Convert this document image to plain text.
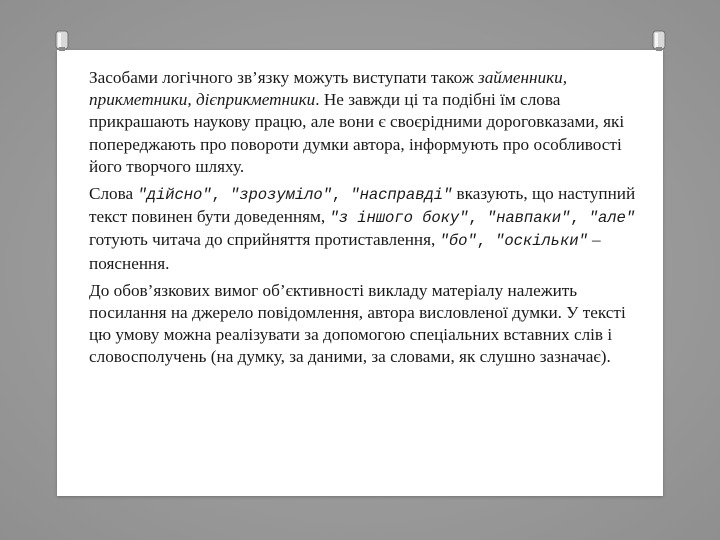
Засобами логічного зв’язку можуть виступати також займенники, прикметники, дієприкметники. Не завжди ці та подібні їм слова прикрашають наукову працю, але вони є своєрідними дороговказами, які попереджають про повороти думки автора, інформують про особливості його творчого шляху.

Слова "дійсно", "зрозуміло", "насправді" вказують, що наступний текст повинен бути доведенням, "з іншого боку", "навпаки", "але" готують читача до сприйняття протиставлення, "бо", "оскільки" – пояснення.

До обов’язкових вимог об’єктивності викладу матеріалу належить посилання на джерело повідомлення, автора висловленої думки. У тексті цю умову можна реалізувати за допомогою спеціальних вставних слів і словосполучень (на думку, за даними, за словами, як слушно зазначає).
